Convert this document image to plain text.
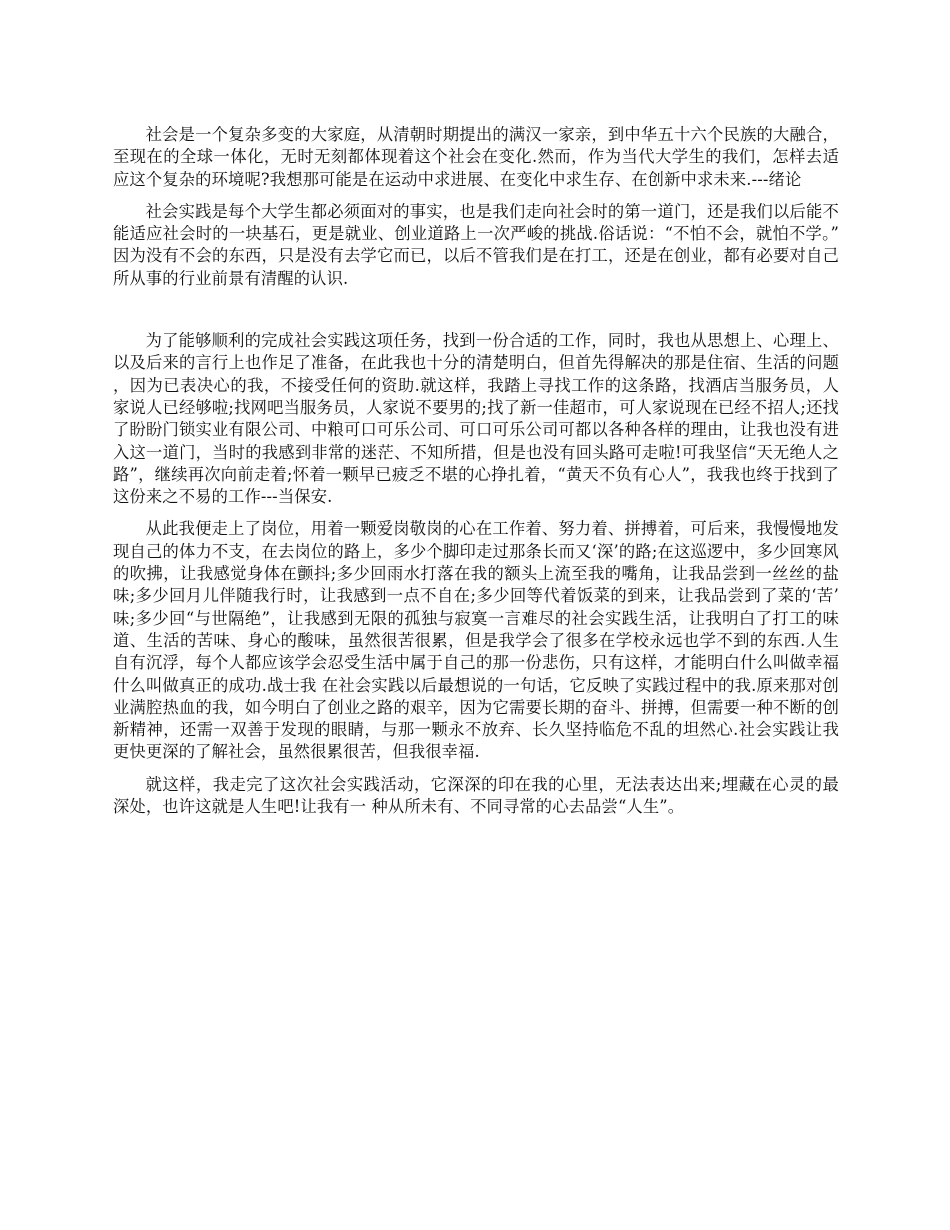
社会是一个复杂多变的大家庭，从清朝时期提出的满汉一家亲，到中华五十六个民族的大融合，至现在的全球一体化，无时无刻都体现着这个社会在变化.然而，作为当代大学生的我们，怎样去适应这个复杂的环境呢?我想那可能是在运动中求进展、在变化中求生存、在创新中求未来.---绪论

社会实践是每个大学生都必须面对的事实，也是我们走向社会时的第一道门，还是我们以后能不能适应社会时的一块基石，更是就业、创业道路上一次严峻的挑战.俗话说：“不怕不会，就怕不学。”因为没有不会的东西，只是没有去学它而已，以后不管我们是在打工，还是在创业，都有必要对自己所从事的行业前景有清醒的认识.

为了能够顺利的完成社会实践这项任务，找到一份合适的工作，同时，我也从思想上、心理上、以及后来的言行上也作足了准备，在此我也十分的清楚明白，但首先得解决的那是住宿、生活的问题，因为已表决心的我，不接受任何的资助.就这样，我踏上寻找工作的这条路，找酒店当服务员，人家说人已经够啦;找网吧当服务员，人家说不要男的;找了新一佳超市，可人家说现在已经不招人;还找了盼盼门锁实业有限公司、中粮可口可乐公司、可口可乐公司可都以各种各样的理由，让我也没有进入这一道门，当时的我感到非常的迷茫、不知所措，但是也没有回头路可走啦!可我坚信“天无绝人之路”，继续再次向前走着;怀着一颗早已疲乏不堪的心挣扎着，“黄天不负有心人”，我我也终于找到了这份来之不易的工作---当保安.

从此我便走上了岗位，用着一颗爱岗敬岗的心在工作着、努力着、拼搏着，可后来，我慢慢地发现自己的体力不支，在去岗位的路上，多少个脚印走过那条长而又‘深’的路;在这巡逻中，多少回寒风的吹拂，让我感觉身体在颤抖;多少回雨水打落在我的额头上流至我的嘴角，让我品尝到一丝丝的盐味;多少回月儿伴随我行时，让我感到一点不自在;多少回等代着饭菜的到来，让我品尝到了菜的‘苦’味;多少回“与世隔绝”，让我感到无限的孤独与寂寞一言难尽的社会实践生活，让我明白了打工的味道、生活的苦味、身心的酸味，虽然很苦很累，但是我学会了很多在学校永远也学不到的东西.人生自有沉浮，每个人都应该学会忍受生活中属于自己的那一份悲伤，只有这样，才能明白什么叫做幸福什么叫做真正的成功.战士我 在社会实践以后最想说的一句话，它反映了实践过程中的我.原来那对创业满腔热血的我，如今明白了创业之路的艰辛，因为它需要长期的奋斗、拼搏，但需要一种不断的创新精神，还需一双善于发现的眼睛，与那一颗永不放弃、长久坚持临危不乱的坦然心.社会实践让我更快更深的了解社会，虽然很累很苦，但我很幸福.

就这样，我走完了这次社会实践活动，它深深的印在我的心里，无法表达出来;埋藏在心灵的最深处，也许这就是人生吧!让我有一 种从所未有、不同寻常的心去品尝“人生”。
